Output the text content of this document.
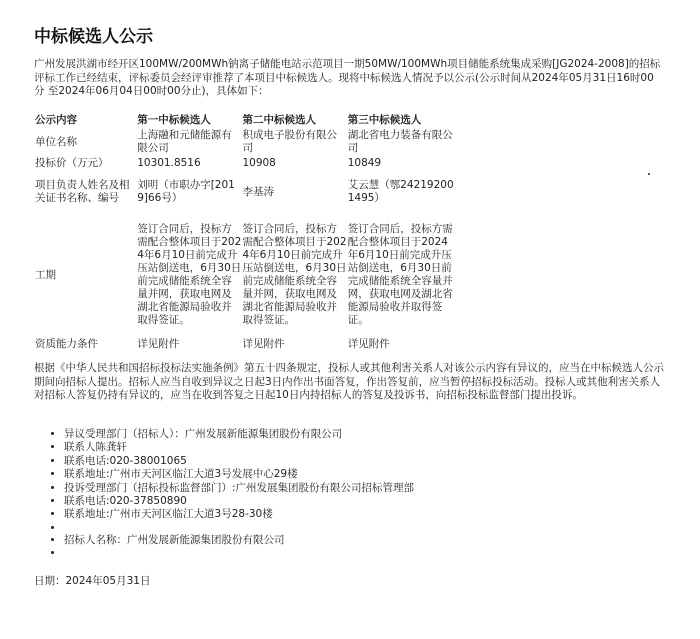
中标候选人公示

广州发展洪湖市经开区100MW/200MWh钠离子储能电站示范项目一期50MW/100MWh项目储能系统集成采购[JG2024-2008]的招标评标工作已经结束，评标委员会经评审推荐了本项目中标候选人。现将中标候选人情况予以公示(公示时间从2024年05月31日16时00分 至2024年06月04日00时00分止)，具体如下：

公示内容	第一中标候选人	第二中标候选人	第三中标候选人
单位名称	上海融和元储能源有限公司	积成电子股份有限公司	湖北省电力装备有限公司
投标价（万元）	10301.8516	10908	10849
项目负责人姓名及相关证书名称、编号	刘明（市职办字[2019]66号）	李基涛	艾云慧（鄂242192001495）
工期	签订合同后，投标方需配合整体项目于2024年6月10日前完成升压站倒送电，6月30日前完成储能系统全容量并网，获取电网及湖北省能源局验收并取得签证。	签订合同后，投标方需配合整体项目于2024年6月10日前完成升压站倒送电，6月30日前完成储能系统全容量并网，获取电网及湖北省能源局验收并取得签证。	签订合同后，投标方需配合整体项目于2024年6月10日前完成升压站倒送电，6月30日前完成储能系统全容量并网，获取电网及湖北省能源局验收并取得签证。
资质能力条件	详见附件	详见附件	详见附件

根据《中华人民共和国招标投标法实施条例》第五十四条规定，投标人或其他利害关系人对该公示内容有异议的，应当在中标候选人公示期间向招标人提出。招标人应当自收到异议之日起3日内作出书面答复，作出答复前，应当暂停招标投标活动。投标人或其他利害关系人对招标人答复仍持有异议的，应当在收到答复之日起10日内持招标人的答复及投诉书，向招标投标监督部门提出投诉。

• 异议受理部门（招标人）：广州发展新能源集团股份有限公司
• 联系人陈龚轩
• 联系电话:020-38001065
• 联系地址:广州市天河区临江大道3号发展中心29楼
• 投诉受理部门（招标投标监督部门）:广州发展集团股份有限公司招标管理部
• 联系电话:020-37850890
• 联系地址:广州市天河区临江大道3号28-30楼
•
• 招标人名称：广州发展新能源集团股份有限公司
•
日期：2024年05月31日
